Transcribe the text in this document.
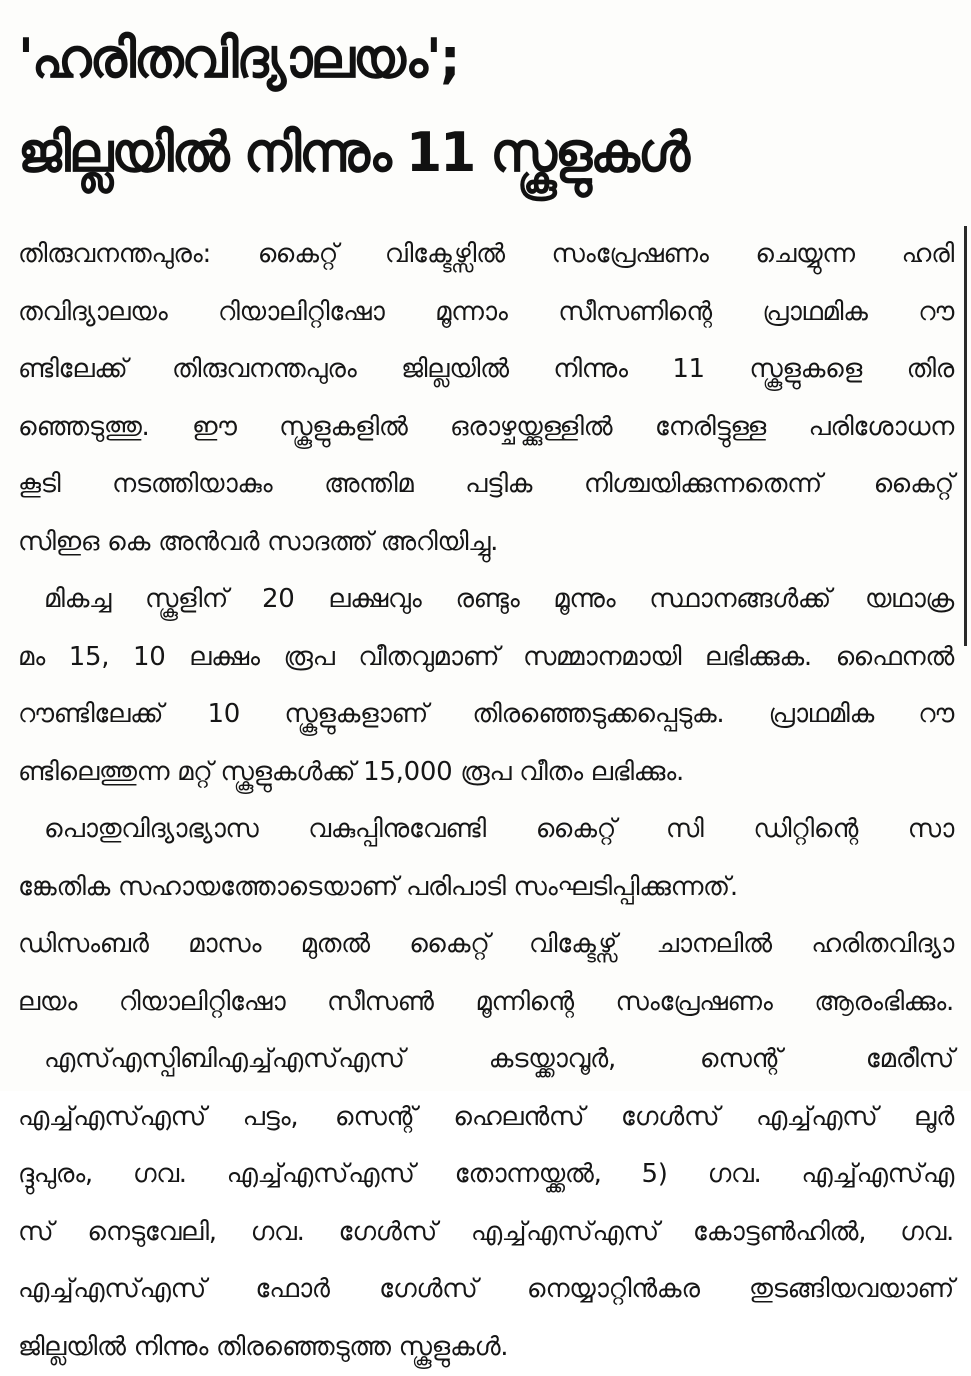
'ഹരിതവിദ്യാലയം';
ജില്ലയിൽ നിന്നും 11 സ്കൂളുകൾ
തിരുവനന്തപുരം: കൈറ്റ് വിക്ടേഴ്സിൽ സംപ്രേഷണം ചെയ്യുന്ന ഹരി
തവിദ്യാലയം റിയാലിറ്റിഷോ മൂന്നാം സീസണിന്റെ പ്രാഥമിക റൗ
ണ്ടിലേക്ക് തിരുവനന്തപുരം ജില്ലയിൽ നിന്നും 11 സ്കൂളുകളെ തിര
ഞ്ഞെടുത്തു. ഈ സ്കൂളുകളിൽ ഒരാഴ്ചയ്ക്കുള്ളിൽ നേരിട്ടുള്ള പരിശോധന
കൂടി നടത്തിയാകും അന്തിമ പട്ടിക നിശ്ചയിക്കുന്നതെന്ന് കൈറ്റ്
സിഇഒ കെ അൻവർ സാദത്ത് അറിയിച്ചു.
മികച്ച സ്കൂളിന് 20 ലക്ഷവും രണ്ടും മൂന്നും സ്ഥാനങ്ങൾക്ക് യഥാക്ര
മം 15, 10 ലക്ഷം രൂപ വീതവുമാണ് സമ്മാനമായി ലഭിക്കുക. ഫൈനൽ
റൗണ്ടിലേക്ക് 10 സ്കൂളുകളാണ് തിരഞ്ഞെടുക്കപ്പെടുക. പ്രാഥമിക റൗ
ണ്ടിലെത്തുന്ന മറ്റ് സ്കൂളുകൾക്ക് 15,000 രൂപ വീതം ലഭിക്കും.
പൊതുവിദ്യാഭ്യാസ വകുപ്പിനുവേണ്ടി കൈറ്റ് സി ഡിറ്റിന്റെ സാ
ങ്കേതിക സഹായത്തോടെയാണ് പരിപാടി സംഘടിപ്പിക്കുന്നത്.
ഡിസംബർ മാസം മുതൽ കൈറ്റ് വിക്ടേഴ്സ് ചാനലിൽ ഹരിതവിദ്യാ
ലയം റിയാലിറ്റിഷോ സീസൺ മൂന്നിന്റെ സംപ്രേഷണം ആരംഭിക്കും.
എസ്എസ്പിബിഎച്ച്എസ്എസ് കടയ്ക്കാവൂർ, സെന്റ് മേരീസ്
എച്ച്എസ്എസ് പട്ടം, സെന്റ് ഹെലൻസ് ഗേൾസ് എച്ച്എസ് ലൂർ
ദ്ദുപുരം, ഗവ. എച്ച്എസ്എസ് തോന്നയ്ക്കൽ, 5) ഗവ. എച്ച്എസ്എ
സ് നെടുവേലി, ഗവ. ഗേൾസ് എച്ച്എസ്എസ് കോട്ടൺഹിൽ, ഗവ.
എച്ച്എസ്എസ് ഫോർ ഗേൾസ് നെയ്യാറ്റിൻകര തുടങ്ങിയവയാണ്
ജില്ലയിൽ നിന്നും തിരഞ്ഞെടുത്ത സ്കൂളുകൾ.
